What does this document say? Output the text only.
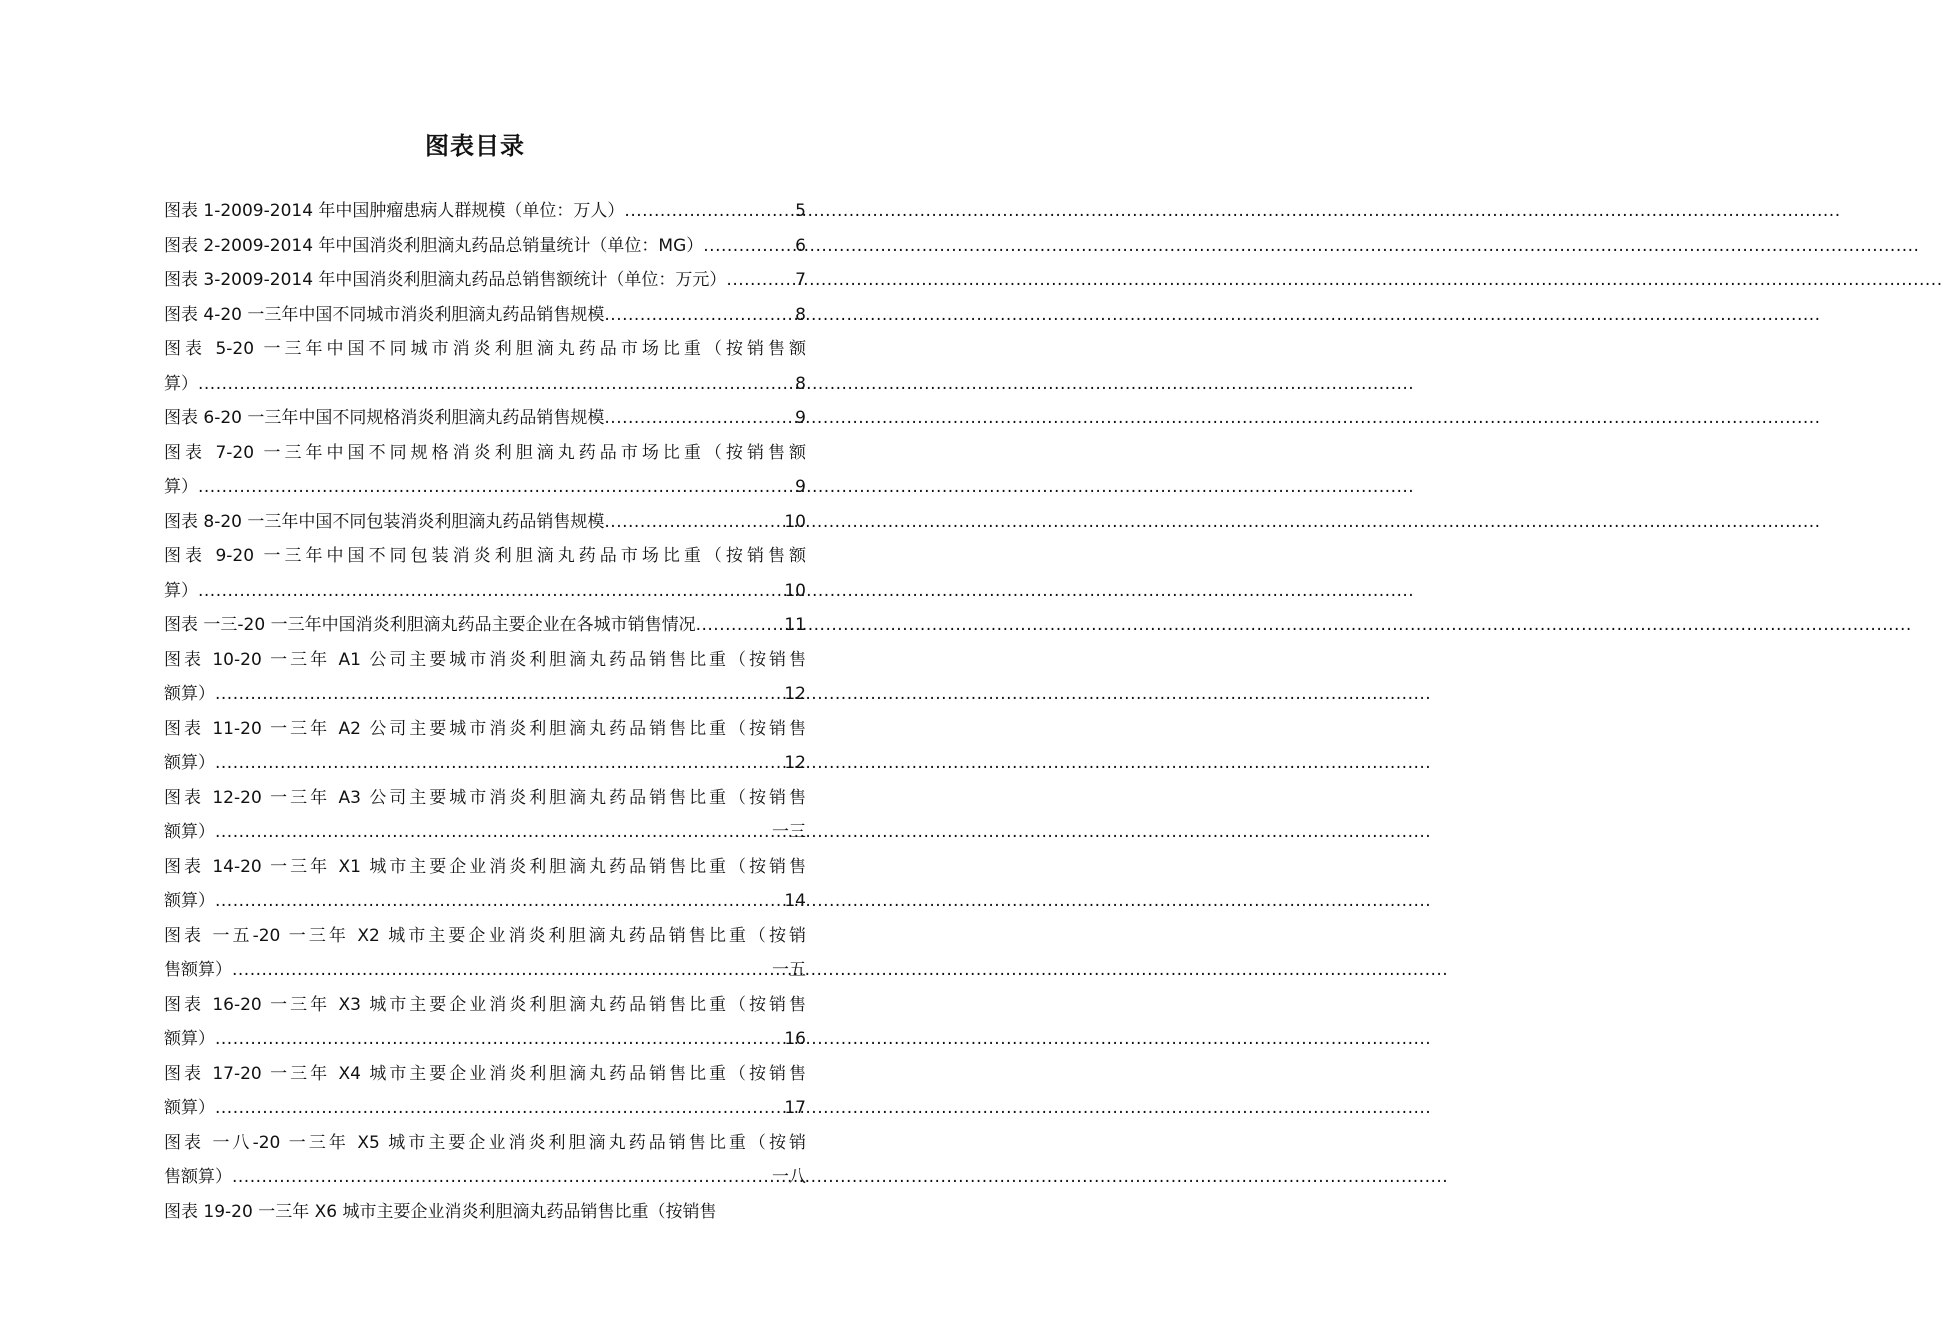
图表目录
图表 1-2009-2014 年中国肿瘤患病人群规模（单位：万人） .....	5
图表 2-2009-2014 年中国消炎利胆滴丸药品总销量统计（单位：MG） .....	6
图表 3-2009-2014 年中国消炎利胆滴丸药品总销售额统计（单位：万元） .....	7
图表 4-20 一三年中国不同城市消炎利胆滴丸药品销售规模 .....	8
图表 5-20 一三年中国不同城市消炎利胆滴丸药品市场比重（按销售额
算） .....	8
图表 6-20 一三年中国不同规格消炎利胆滴丸药品销售规模 .....	9
图表 7-20 一三年中国不同规格消炎利胆滴丸药品市场比重（按销售额
算） .....	9
图表 8-20 一三年中国不同包装消炎利胆滴丸药品销售规模 .....	10
图表 9-20 一三年中国不同包装消炎利胆滴丸药品市场比重（按销售额
算） .....	10
图表 一三-20 一三年中国消炎利胆滴丸药品主要企业在各城市销售情况 .....	11
图表 10-20 一三年 A1 公司主要城市消炎利胆滴丸药品销售比重（按销售
额算） .....	12
图表 11-20 一三年 A2 公司主要城市消炎利胆滴丸药品销售比重（按销售
额算） .....	12
图表 12-20 一三年 A3 公司主要城市消炎利胆滴丸药品销售比重（按销售
额算） .....	一三
图表 14-20 一三年 X1 城市主要企业消炎利胆滴丸药品销售比重（按销售
额算） .....	14
图表 一五-20 一三年 X2 城市主要企业消炎利胆滴丸药品销售比重（按销
售额算） .....	一五
图表 16-20 一三年 X3 城市主要企业消炎利胆滴丸药品销售比重（按销售
额算） .....	16
图表 17-20 一三年 X4 城市主要企业消炎利胆滴丸药品销售比重（按销售
额算） .....	17
图表 一八-20 一三年 X5 城市主要企业消炎利胆滴丸药品销售比重（按销
售额算） .....	一八
图表 19-20 一三年 X6 城市主要企业消炎利胆滴丸药品销售比重（按销售
